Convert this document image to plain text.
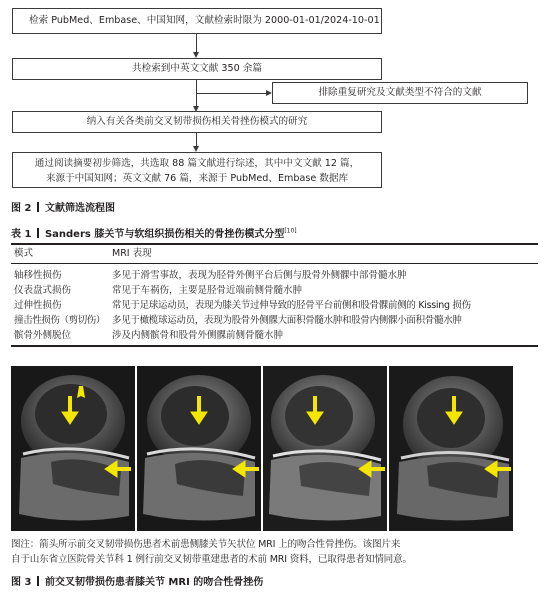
检索 PubMed、Embase、中国知网，文献检索时限为 2000-01-01/2024-10-01
共检索到中英文文献 350 余篇
排除重复研究及文献类型不符合的文献
纳入有关各类前交叉韧带损伤相关骨挫伤模式的研究
通过阅读摘要初步筛选，共选取 88 篇文献进行综述，其中中文文献 12 篇，
来源于中国知网；英文文献 76 篇，来源于 PubMed、Embase 数据库
图 2 文献筛选流程图
表 1 Sanders 膝关节与软组织损伤相关的骨挫伤模式分型[10]
模式	MRI 表现
轴移性损伤	多见于滑雪事故，表现为胫骨外侧平台后侧与股骨外侧髁中部骨髓水肿
仪表盘式损伤	常见于车祸伤，主要是胫骨近端前侧骨髓水肿
过伸性损伤	常见于足球运动员，表现为膝关节过伸导致的胫骨平台前侧和股骨髁前侧的 Kissing 损伤
撞击性损伤（剪切伤） 多见于橄榄球运动员，表现为股骨外侧髁大面积骨髓水肿和股骨内侧髁小面积骨髓水肿
髌骨外侧脱位	涉及内侧髌骨和股骨外侧髁前侧骨髓水肿
图注：箭头所示前交叉韧带损伤患者术前患侧膝关节矢状位 MRI 上的吻合性骨挫伤。该图片来
自于山东省立医院骨关节科 1 例行前交叉韧带重建患者的术前 MRI 资料，已取得患者知情同意。
图 3 前交叉韧带损伤患者膝关节 MRI 的吻合性骨挫伤
